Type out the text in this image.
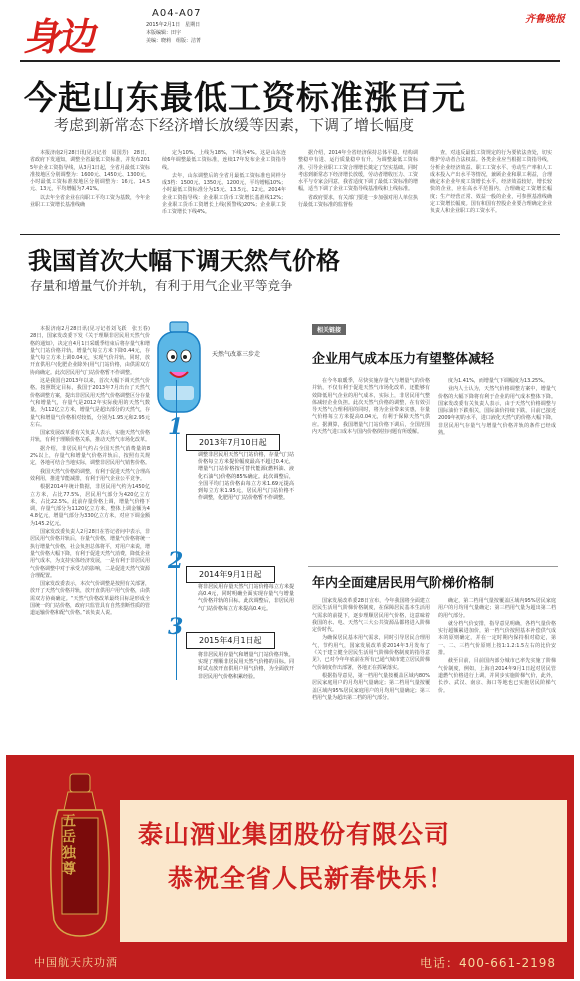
身边
A04-A07
2015年2月1日　星期日
本版编辑：田宇
美编：晓莉　组版：洁菁
齐鲁晚报
今起山东最低工资标准涨百元
考虑到新常态下经济增长放缓等因素，下调了增长幅度

本报济南2月28日讯(见习记者　周国芳)　28日，省政府下发通知，调整全省最低工资标准，并发布2015年企业工资指导线，从3月1日起，全省月最低工资标准按地区分别调整为：1600元、1450元、1300元，小时最低工资标准按地区分别调整为：16元、14.5元、13元，平均增幅为7.41%。

以去年全省企业在岗职工平均工资为基数，今年企业职工工资增长基准线确

定为10%，上线为18%，下线为4%。这是山东连续6年调整最低工资标准，连续17年发布企业工资指导线。

去年，山东调整后的全省月最低工资标准也同样分成3档：1500元、1350元、1200元，平均增幅10%；小时最低工资标准分为15元、13.5元、12元。2014年企业工资指导线：企业职工货币工资增长基准线12%；企业职工货币工资增长上线(预警线)20%；企业职工货币工资增长下线4%。

据介绍，2014年全省经济保持总体平稳、结构调整稳中有进、运行质量稳中有升，为调整最低工资标准、引导企业职工工资合理增长奠定了坚实基础。同时考虑到新常态下经济增长放缓，劳动者增收压力、工资水平与专家会同意，我省适度下调了最低工资标准的增幅，适当下调了企业工资指导线基准线和上线标准。

省政府要求，有关部门要进一步加强对用人单位执行最低工资标准的监督检

查，对违反最低工资规定的行为要依法查处，切实维护劳动者合法权益。各类企业应当根据工资指导线，分析企业经济效益、职工工资水平、劳动生产率和人工成本投入产出水平等情况，兼顾企业和职工利益，合理确定本企业年度工资增长水平。经济效益较好，增长较快的企业，应在高水平范围内，合理确定工资增长幅度；生产经营正常、效益一般的企业，可参照基准线确定工资增长幅度。国有和国有控股企业要合理确定企业负责人和企业职工的工资水平。

我国首次大幅下调天然气价格
存量和增量气价并轨，有利于用气企业平等竞争

本报济南2月28日讯(见习记者刘飞跃　张玉春)　28日，国家发改委下发《关于理顺非居民用天然气价格的通知》，决定自4月1日采暖季结束后将存量气和增量气门站价格并轨。增量气每立方米下降0.44元，存量气每立方米上调0.04元，实现气价并轨。同时，放开直供用户(化肥企业除外)用气门站价格，由供需双方协商确定。此次居民用气门站价格暂不作调整。

这是我国自2013年以来，首次大幅下调天然气价格。按照既定目标，我国于2013年7月出台了天然气价格调整方案，提出非居民用天然气价格调整区分存量气和增量气，存量气是2012年实际使用的天然气数量，为112亿立方米，增量气是超出部分的天然气，存量气和增量气价格相对较低，分别为1.95元和2.95元左右。

国家发展改革委有关负责人表示，实施天然气价格并轨，有利于理顺价格关系，推动天然气市场化改革。

据介绍，非居民用气约占全国天然气消费量的82%以上，存量气和增量气价格并轨后，按照有关规定，各地可结合当地实际，调整非居民用气销售价格。

我国天然气价格的调整，有利于促进天然气合理高效利用，推进节能减排，有利于用气企业公平竞争。

根据2014年统计数据，非居民用气约为1450亿立方米，占比77.5%，居民用气部分为420亿立方米，占比22.5%。此前存量价格上调，增量气价格下调，存量气部分为1120亿立方米，整体上调金额为44.8亿元，增量气部分为330亿立方米，对应下调金额为145.2亿元。

国家发改委负责人2月28日在答记者问中表示，非居民用气价格并轨后，存量气价格，增量气价格将统一执行增量气价格，社会负担总体将平，对用户来说，增量气价格大幅下降，有利于促进天然气消费，降低企业用气成本，为支持实体经济发展，一是有利于非居民用气价格调整中对于承受力的影响，二是促进天然气资源合理配置。

国家发改委表示，本次气价调整是按照有关部署，放开了天然气价格并轨，放开直供用户用气价格，由供需双方协商确定。“天然气价格改革最终目标是形成全国统一的门站价格，政府只监管具有自然垄断性质的管道运输价格和配气价格。”该负责人说。

天然气改革三步走
1
2013年7月10日起
调整非居民用天然气门站价格，存量气门站价格每立方米提价幅度最高不超过0.4元，增量气门站价格按可替代能源(燃料油、液化石油气)价格的85%确定。此次调整后，全国平均门站价格由每立方米1.69元提高到每立方米1.95元，居民用气门站价格不作调整，化肥用气门站价格暂不作调整。
2
2014年9月1日起
将非居民用存量天然气门站价格每立方米提高0.4元，同时明确全面实现存量气与增量气价格并轨的目标。此次调整后，非居民用气门站价格每立方米提高0.4元。
3
2015年4月1日起
将非居民用存量气和增量气门站价格并轨，实现了理顺非居民用天然气价格的目标。同时试点放开直供用户用气价格，为全面放开非居民用气价格积累经验。
相关链接
企业用气成本压力有望整体减轻

在今冬取暖季，尽快实施存量气与增量气的价格并轨，不仅有利于促进天然气市场化改革，还能够有效降低用气企业的用气成本，实际上，非居民用气整体减轻企业负担。此次天然气价格的调整，在有效引导天然气合理利用的同时，将为企业带来实惠，存量气价格每立方米提高0.04元，有利于保障天然气供应。据测算，我国增量气门站价格下调后，全国范围内天然气进口成本与国内价格倒挂问题有所缓解。

度为1.41%，而增量气下调幅度为13.25%。

业内人士认为，天然气价格调整方案中，增量气价格的大幅下降将有利于企业的用气成本整体下降。国家发改委有关负责人表示，由于天然气价格调整与国际油价下跌相关，国际油价持续下跌，目前已接近2009年初的水平，进口液化天然气的价格大幅下降，非居民用气存量气与增量气价格并轨的条件已经成熟。

年内全面建居民用气阶梯价格制

国家发展改革委28日宣布，今年我国将全面建立居民生活用气阶梯价格制度，在保障居民基本生活用气需求的前提下，逐步理顺居民用气价格，这意味着我国的水、电、天然气三大公共资源品都将进入阶梯定价时代。

为确保居民基本用气需求，同时引导居民合理用气，节约用气，国家发展改革委2014年3月发布了《关于建立健全居民生活用气阶梯价格制度的指导意见》，已对今年年底前在所有已通气城市建立居民阶梯气价制度作出部署，各地正在抓紧落实。

根据指导意见，第一档用气量按覆盖区域内80%居民家庭用户的月均用气量确定；第二档用气量按覆盖区域内95%居民家庭用户的月均用气量确定；第三档用气量为超出第二档的用气部分。

确定，第二档用气量按覆盖区域内95%居民家庭用户的月均用气量确定；第三档用气量为超出第二档的用气部分。

就分档气价安排，指导意见明确，各档气量价格实行超额累进加价，第一档气价按照基本补偿供气成本的原则确定，并在一定时期内保持相对稳定，第一、二、三档气价原则上按1:1.2:1.5左右的比价安排。

截至目前，目前国内部分城市已率先实施了阶梯气价制度，例如，上海自2014年9月1日起对居民管道燃气价格进行上调，并同步实施阶梯气价，此外，长沙、武汉、南京、海口等地也已实施居民阶梯气价。

五岳独尊 泰山酒业集团股份有限公司
恭祝全省人民新春快乐！
中国航天庆功酒	电话：400-661-2198
